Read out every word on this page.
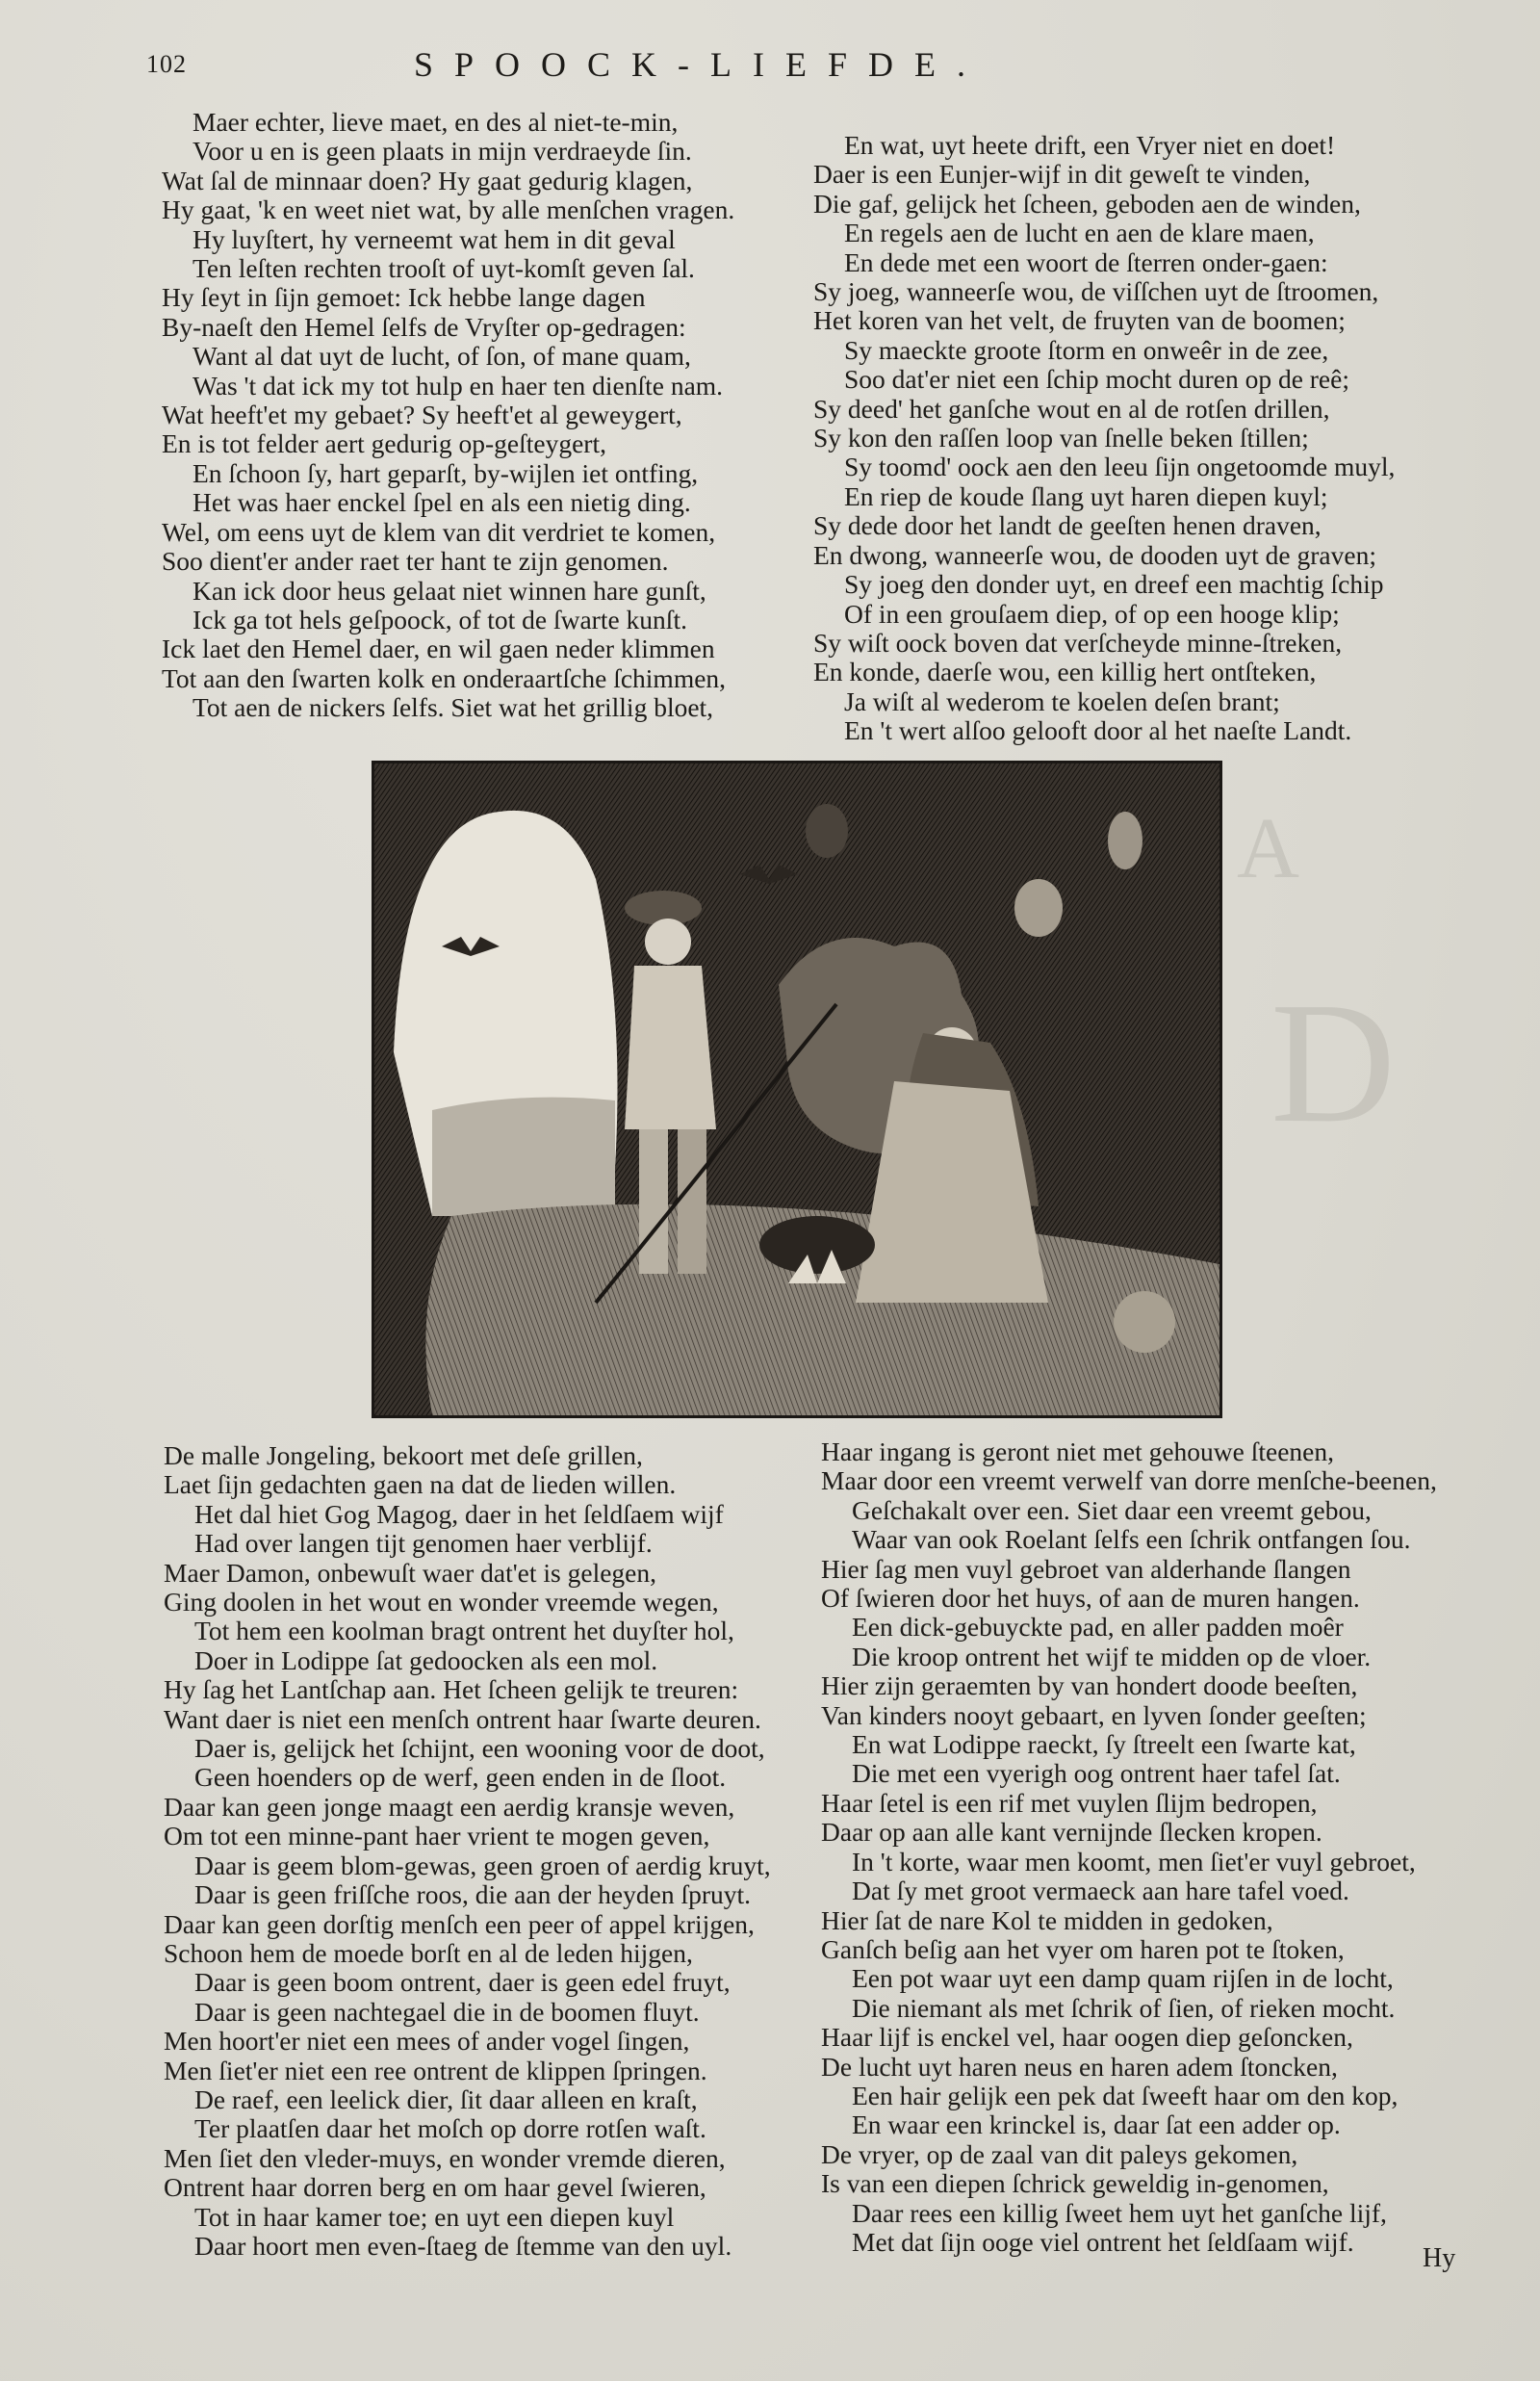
A
D
102	SPOOCK-LIEFDE.
Maer echter, lieve maet, en des al niet-te-min,
Voor u en is geen plaats in mijn verdraeyde ſin.
Wat ſal de minnaar doen? Hy gaat gedurig klagen,
Hy gaat, 'k en weet niet wat, by alle menſchen vragen.
Hy luyſtert, hy verneemt wat hem in dit geval
Ten leſten rechten trooſt of uyt-komſt geven ſal.
Hy ſeyt in ſijn gemoet: Ick hebbe lange dagen
By-naeſt den Hemel ſelfs de Vryſter op-gedragen:
Want al dat uyt de lucht, of ſon, of mane quam,
Was 't dat ick my tot hulp en haer ten dienſte nam.
Wat heeft'et my gebaet? Sy heeft'et al geweygert,
En is tot felder aert gedurig op-geſteygert,
En ſchoon ſy, hart geparſt, by-wijlen iet ontfing,
Het was haer enckel ſpel en als een nietig ding.
Wel, om eens uyt de klem van dit verdriet te komen,
Soo dient'er ander raet ter hant te zijn genomen.
Kan ick door heus gelaat niet winnen hare gunſt,
Ick ga tot hels geſpoock, of tot de ſwarte kunſt.
Ick laet den Hemel daer, en wil gaen neder klimmen
Tot aan den ſwarten kolk en onderaartſche ſchimmen,
Tot aen de nickers ſelfs. Siet wat het grillig bloet,
En wat, uyt heete drift, een Vryer niet en doet!
Daer is een Eunjer-wijf in dit geweſt te vinden,
Die gaf, gelijck het ſcheen, geboden aen de winden,
En regels aen de lucht en aen de klare maen,
En dede met een woort de ſterren onder-gaen:
Sy joeg, wanneerſe wou, de viſſchen uyt de ſtroomen,
Het koren van het velt, de fruyten van de boomen;
Sy maeckte groote ſtorm en onweêr in de zee,
Soo dat'er niet een ſchip mocht duren op de reê;
Sy deed' het ganſche wout en al de rotſen drillen,
Sy kon den raſſen loop van ſnelle beken ſtillen;
Sy toomd' oock aen den leeu ſijn ongetoomde muyl,
En riep de koude ſlang uyt haren diepen kuyl;
Sy dede door het landt de geeſten henen draven,
En dwong, wanneerſe wou, de dooden uyt de graven;
Sy joeg den donder uyt, en dreef een machtig ſchip
Of in een grouſaem diep, of op een hooge klip;
Sy wiſt oock boven dat verſcheyde minne-ſtreken,
En konde, daerſe wou, een killig hert ontſteken,
Ja wiſt al wederom te koelen deſen brant;
En 't wert alſoo gelooft door al het naeſte Landt.
De malle Jongeling, bekoort met deſe grillen,
Laet ſijn gedachten gaen na dat de lieden willen.
Het dal hiet Gog Magog, daer in het ſeldſaem wijf
Had over langen tijt genomen haer verblijf.
Maer Damon, onbewuſt waer dat'et is gelegen,
Ging doolen in het wout en wonder vreemde wegen,
Tot hem een koolman bragt ontrent het duyſter hol,
Doer in Lodippe ſat gedoocken als een mol.
Hy ſag het Lantſchap aan. Het ſcheen gelijk te treuren:
Want daer is niet een menſch ontrent haar ſwarte deuren.
Daer is, gelijck het ſchijnt, een wooning voor de doot,
Geen hoenders op de werf, geen enden in de ſloot.
Daar kan geen jonge maagt een aerdig kransje weven,
Om tot een minne-pant haer vrient te mogen geven,
Daar is geem blom-gewas, geen groen of aerdig kruyt,
Daar is geen friſſche roos, die aan der heyden ſpruyt.
Daar kan geen dorſtig menſch een peer of appel krijgen,
Schoon hem de moede borſt en al de leden hijgen,
Daar is geen boom ontrent, daer is geen edel fruyt,
Daar is geen nachtegael die in de boomen fluyt.
Men hoort'er niet een mees of ander vogel ſingen,
Men ſiet'er niet een ree ontrent de klippen ſpringen.
De raef, een leelick dier, ſit daar alleen en kraſt,
Ter plaatſen daar het moſch op dorre rotſen waſt.
Men ſiet den vleder-muys, en wonder vremde dieren,
Ontrent haar dorren berg en om haar gevel ſwieren,
Tot in haar kamer toe; en uyt een diepen kuyl
Daar hoort men even-ſtaeg de ſtemme van den uyl.
Haar ingang is geront niet met gehouwe ſteenen,
Maar door een vreemt verwelf van dorre menſche-beenen,
Geſchakalt over een. Siet daar een vreemt gebou,
Waar van ook Roelant ſelfs een ſchrik ontfangen ſou.
Hier ſag men vuyl gebroet van alderhande ſlangen
Of ſwieren door het huys, of aan de muren hangen.
Een dick-gebuyckte pad, en aller padden moêr
Die kroop ontrent het wijf te midden op de vloer.
Hier zijn geraemten by van hondert doode beeſten,
Van kinders nooyt gebaart, en lyven ſonder geeſten;
En wat Lodippe raeckt, ſy ſtreelt een ſwarte kat,
Die met een vyerigh oog ontrent haer tafel ſat.
Haar ſetel is een rif met vuylen ſlijm bedropen,
Daar op aan alle kant vernijnde ſlecken kropen.
In 't korte, waar men koomt, men ſiet'er vuyl gebroet,
Dat ſy met groot vermaeck aan hare tafel voed.
Hier ſat de nare Kol te midden in gedoken,
Ganſch beſig aan het vyer om haren pot te ſtoken,
Een pot waar uyt een damp quam rijſen in de locht,
Die niemant als met ſchrik of ſien, of rieken mocht.
Haar lijf is enckel vel, haar oogen diep geſoncken,
De lucht uyt haren neus en haren adem ſtoncken,
Een hair gelijk een pek dat ſweeft haar om den kop,
En waar een krinckel is, daar ſat een adder op.
De vryer, op de zaal van dit paleys gekomen,
Is van een diepen ſchrick geweldig in-genomen,
Daar rees een killig ſweet hem uyt het ganſche lijf,
Met dat ſijn ooge viel ontrent het ſeldſaam wijf.
Hy
